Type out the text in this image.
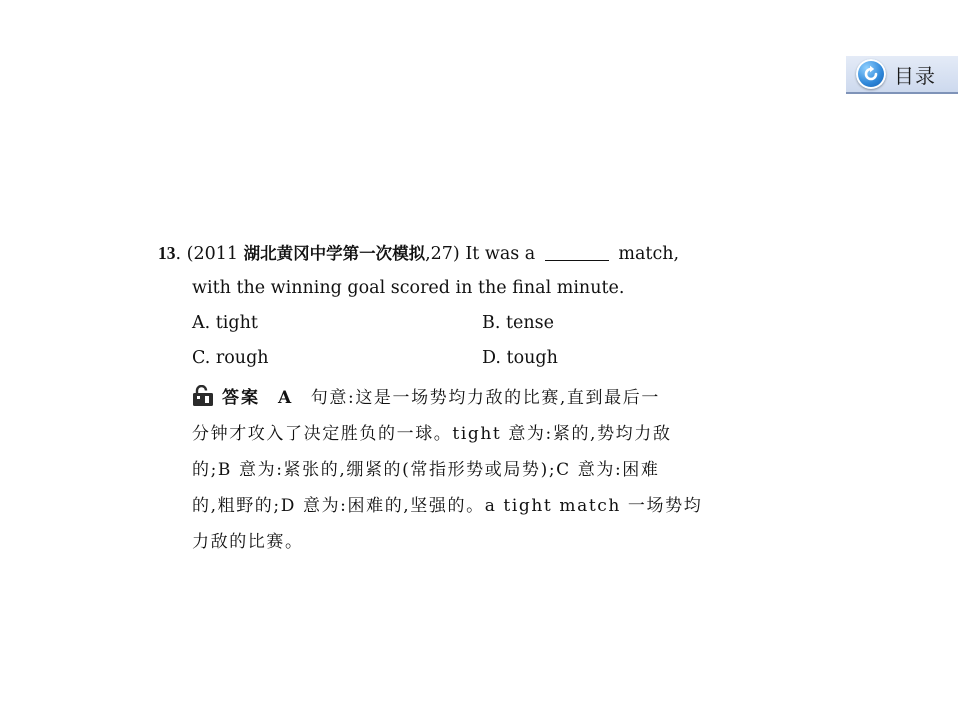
目录
13. (2011 湖北黄冈中学第一次模拟,27) It was a	match,
with the winning goal scored in the final minute.
A. tight	B. tense
C. rough	D. tough
答案 A 句意:这是一场势均力敌的比赛,直到最后一
分钟才攻入了决定胜负的一球。tight 意为:紧的,势均力敌
的;B 意为:紧张的,绷紧的(常指形势或局势);C 意为:困难
的,粗野的;D 意为:困难的,坚强的。a tight match 一场势均
力敌的比赛。
